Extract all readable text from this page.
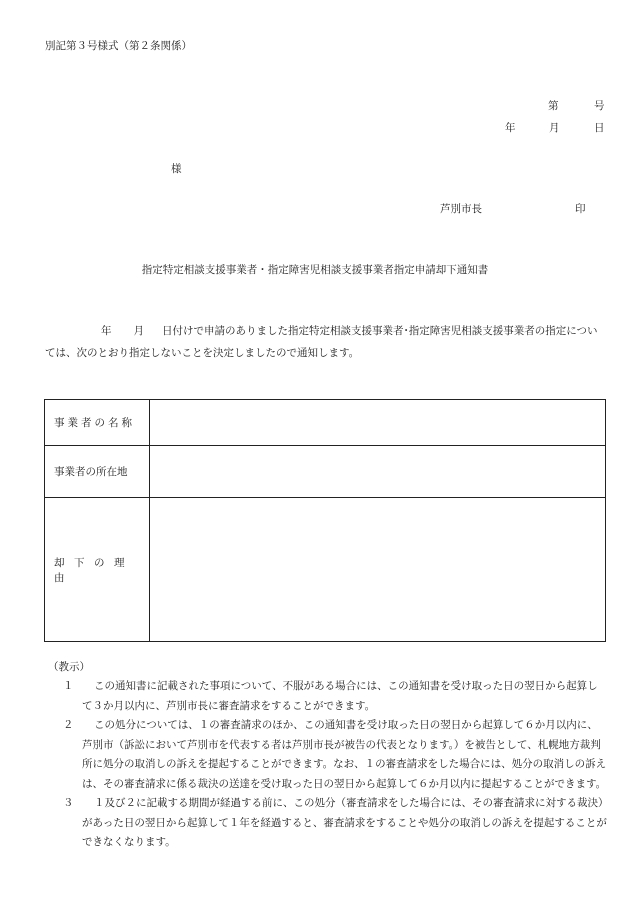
別記第３号様式（第２条関係）
第	号
年	月	日
様
芦別市長	印
指定特定相談支援事業者・指定障害児相談支援事業者指定申請却下通知書
年 月 日付けで申請のありました指定特定相談支援事業者･指定障害児相談支援事業者の指定については、次のとおり指定しないことを決定しましたので通知します。
事業者の名称	
事業者の所在地	
却下の理由	
（教示）
１	この通知書に記載された事項について、不服がある場合には、この通知書を受け取った日の翌日から起算して３か月以内に、芦別市長に審査請求をすることができます。
２	この処分については、１の審査請求のほか、この通知書を受け取った日の翌日から起算して６か月以内に、芦別市（訴訟において芦別市を代表する者は芦別市長が被告の代表となります。）を被告として、札幌地方裁判所に処分の取消しの訴えを提起することができます。なお、１の審査請求をした場合には、処分の取消しの訴えは、その審査請求に係る裁決の送達を受け取った日の翌日から起算して６か月以内に提起することができます。
３	１及び２に記載する期間が経過する前に、この処分（審査請求をした場合には、その審査請求に対する裁決）があった日の翌日から起算して１年を経過すると、審査請求をすることや処分の取消しの訴えを提起することができなくなります。
